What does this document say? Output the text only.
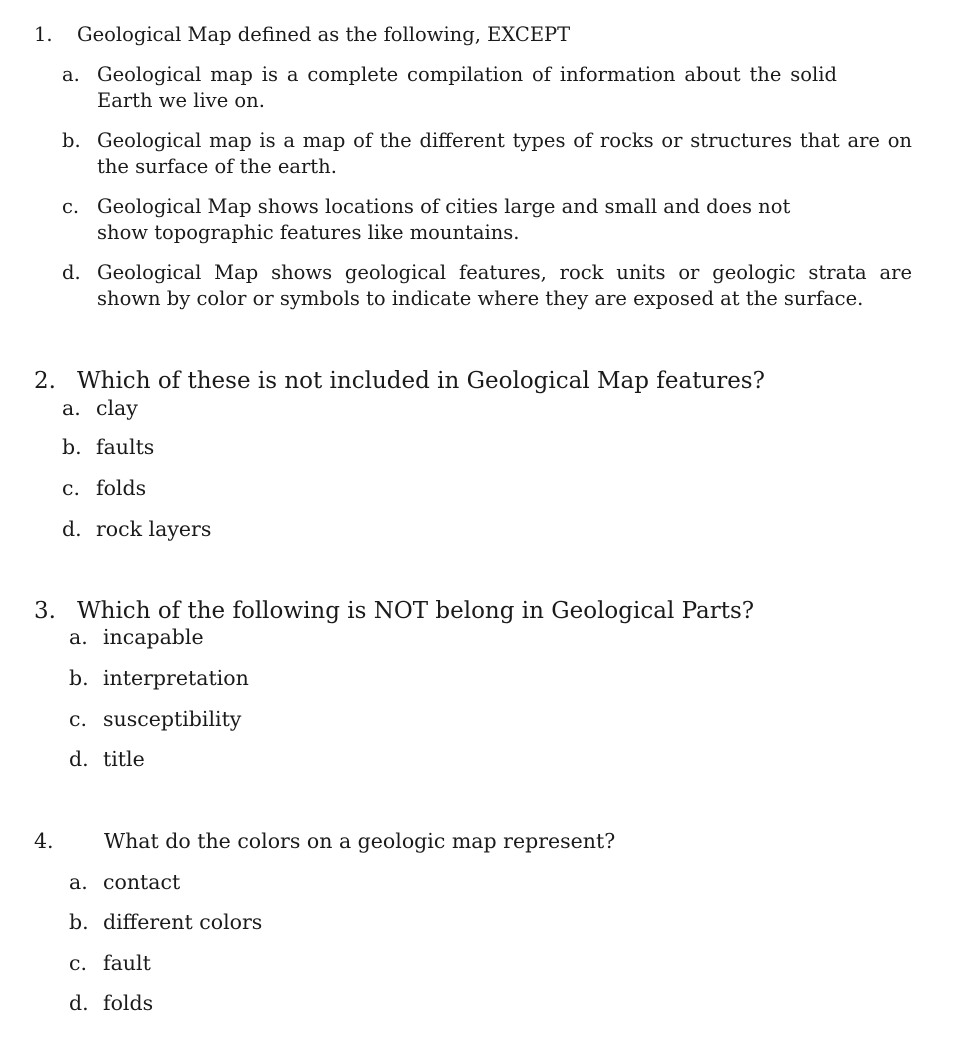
1. Geological Map defined as the following, EXCEPT
a. Geological map is a complete compilation of information about the solid Earth we live on.
b. Geological map is a map of the different types of rocks or structures that are on the surface of the earth.
c. Geological Map shows locations of cities large and small and does not show topographic features like mountains.
d. Geological Map shows geological features, rock units or geologic strata are shown by color or symbols to indicate where they are exposed at the surface.
2. Which of these is not included in Geological Map features?
a. clay
b. faults
c. folds
d. rock layers
3. Which of the following is NOT belong in Geological Parts?
a. incapable
b. interpretation
c. susceptibility
d. title
4. What do the colors on a geologic map represent?
a. contact
b. different colors
c. fault
d. folds
